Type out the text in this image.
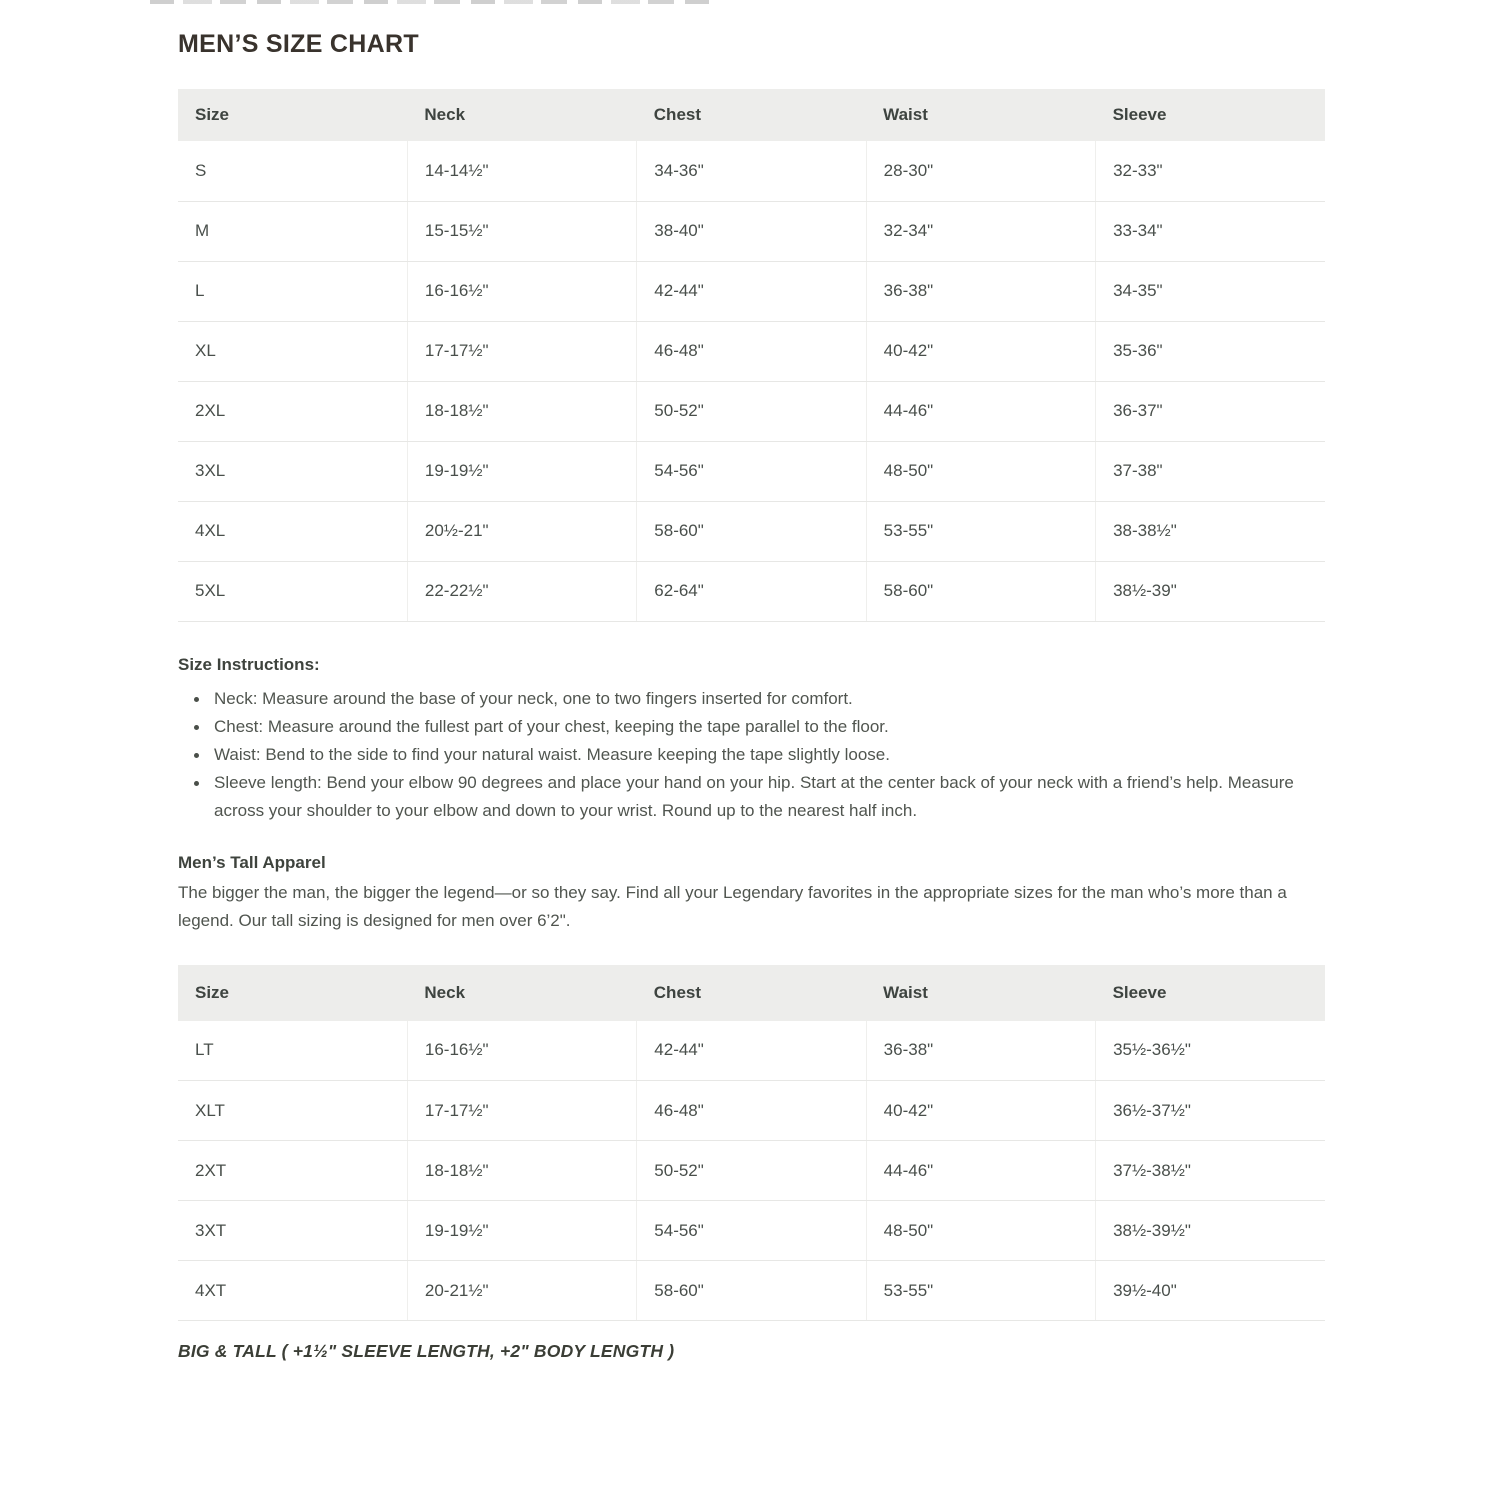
MEN’S SIZE CHART
Size	Neck	Chest	Waist	Sleeve
S	14-14½"	34-36"	28-30"	32-33"
M	15-15½"	38-40"	32-34"	33-34"
L	16-16½"	42-44"	36-38"	34-35"
XL	17-17½"	46-48"	40-42"	35-36"
2XL	18-18½"	50-52"	44-46"	36-37"
3XL	19-19½"	54-56"	48-50"	37-38"
4XL	20½-21"	58-60"	53-55"	38-38½"
5XL	22-22½"	62-64"	58-60"	38½-39"
Size Instructions:
Neck: Measure around the base of your neck, one to two fingers inserted for comfort.
Chest: Measure around the fullest part of your chest, keeping the tape parallel to the floor.
Waist: Bend to the side to find your natural waist. Measure keeping the tape slightly loose.
Sleeve length: Bend your elbow 90 degrees and place your hand on your hip. Start at the center back of your neck with a friend’s help. Measure across your shoulder to your elbow and down to your wrist. Round up to the nearest half inch.
Men’s Tall Apparel

The bigger the man, the bigger the legend—or so they say. Find all your Legendary favorites in the appropriate sizes for the man who’s more than a legend. Our tall sizing is designed for men over 6’2".

Size	Neck	Chest	Waist	Sleeve
LT	16-16½"	42-44"	36-38"	35½-36½"
XLT	17-17½"	46-48"	40-42"	36½-37½"
2XT	18-18½"	50-52"	44-46"	37½-38½"
3XT	19-19½"	54-56"	48-50"	38½-39½"
4XT	20-21½"	58-60"	53-55"	39½-40"
BIG & TALL ( +1½" SLEEVE LENGTH, +2" BODY LENGTH )
